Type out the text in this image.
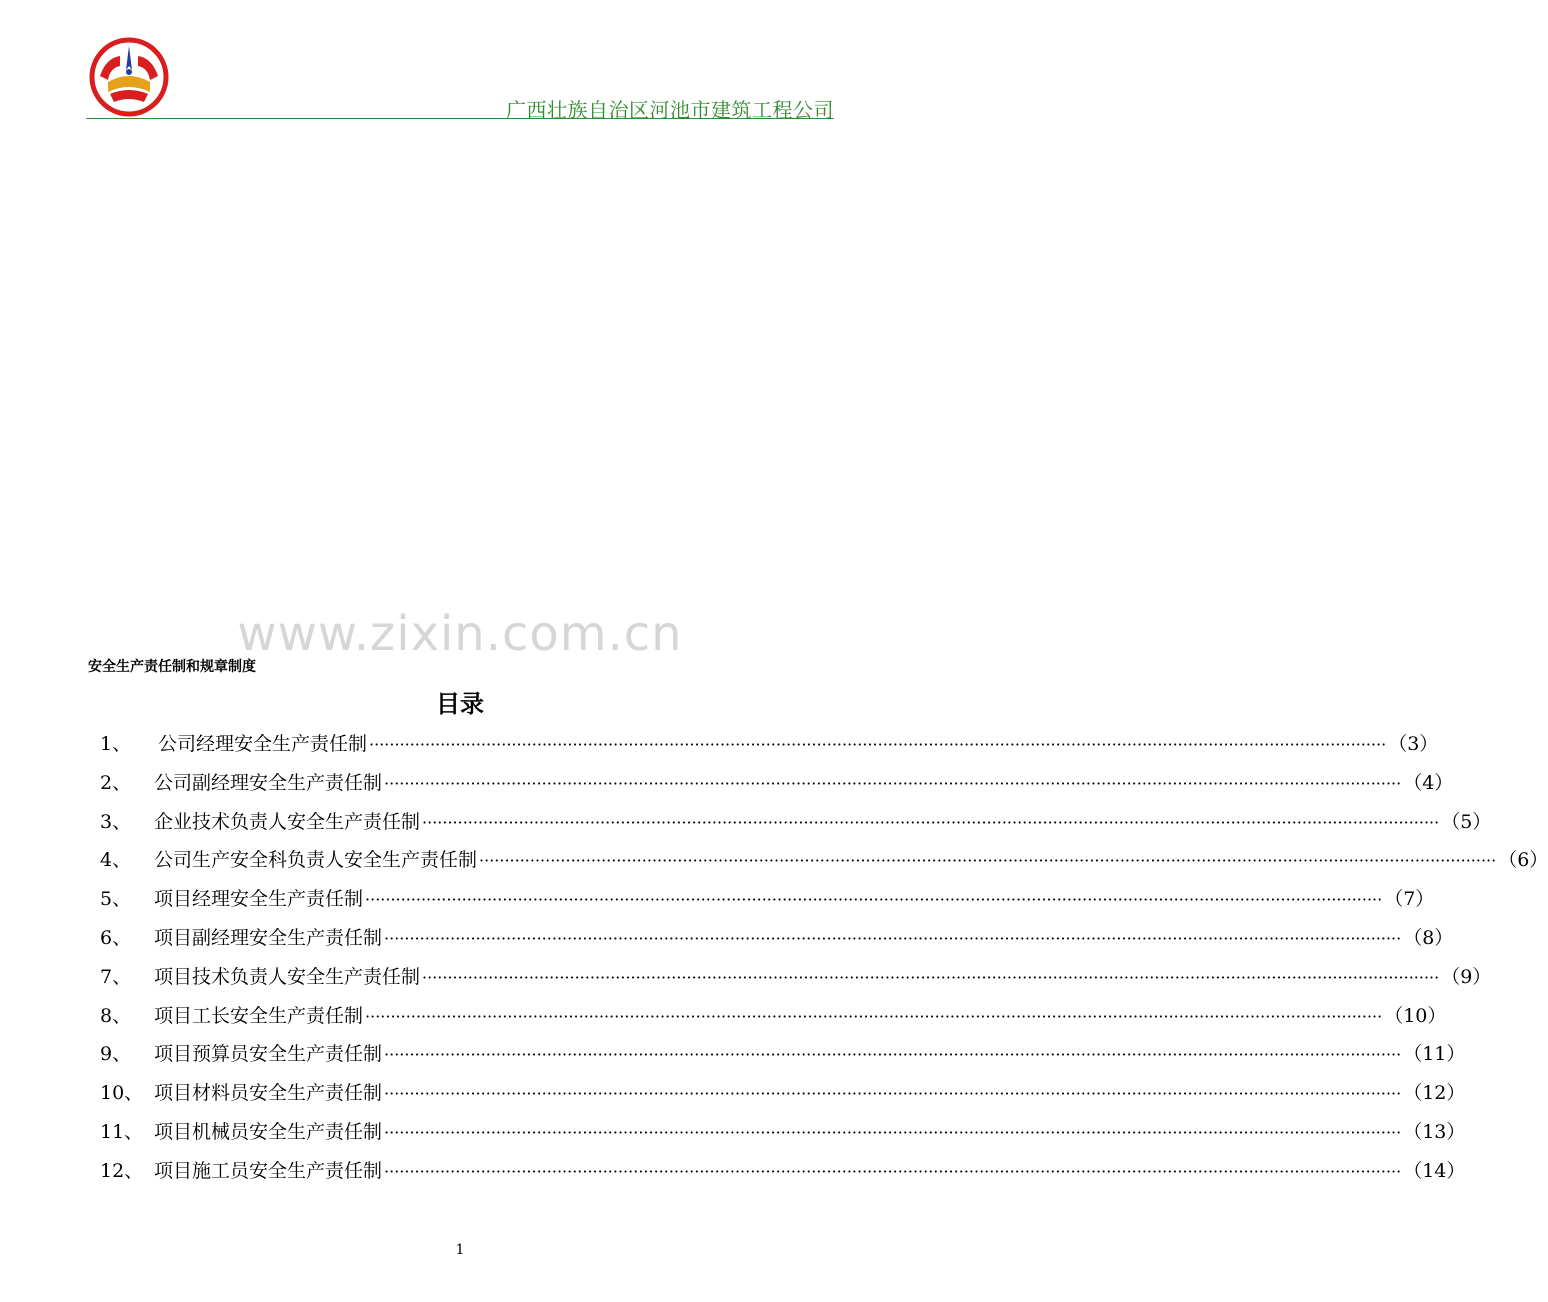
广西壮族自治区河池市建筑工程公司
www.zixin.com.cn
安全生产责任制和规章制度
目录
1、	公司经理安全生产责任制 ········································································································································································································ （3）
2、	公司副经理安全生产责任制 ········································································································································································································ （4）
3、	企业技术负责人安全生产责任制 ········································································································································································································ （5）
4、	公司生产安全科负责人安全生产责任制 ········································································································································································································ （6）
5、	项目经理安全生产责任制 ········································································································································································································ （7）
6、	项目副经理安全生产责任制 ········································································································································································································ （8）
7、	项目技术负责人安全生产责任制 ········································································································································································································ （9）
8、	项目工长安全生产责任制 ········································································································································································································ （10）
9、	项目预算员安全生产责任制 ········································································································································································································ （11）
10、 项目材料员安全生产责任制 ········································································································································································································ （12）
11、 项目机械员安全生产责任制 ········································································································································································································ （13）
12、 项目施工员安全生产责任制 ········································································································································································································ （14）
1
